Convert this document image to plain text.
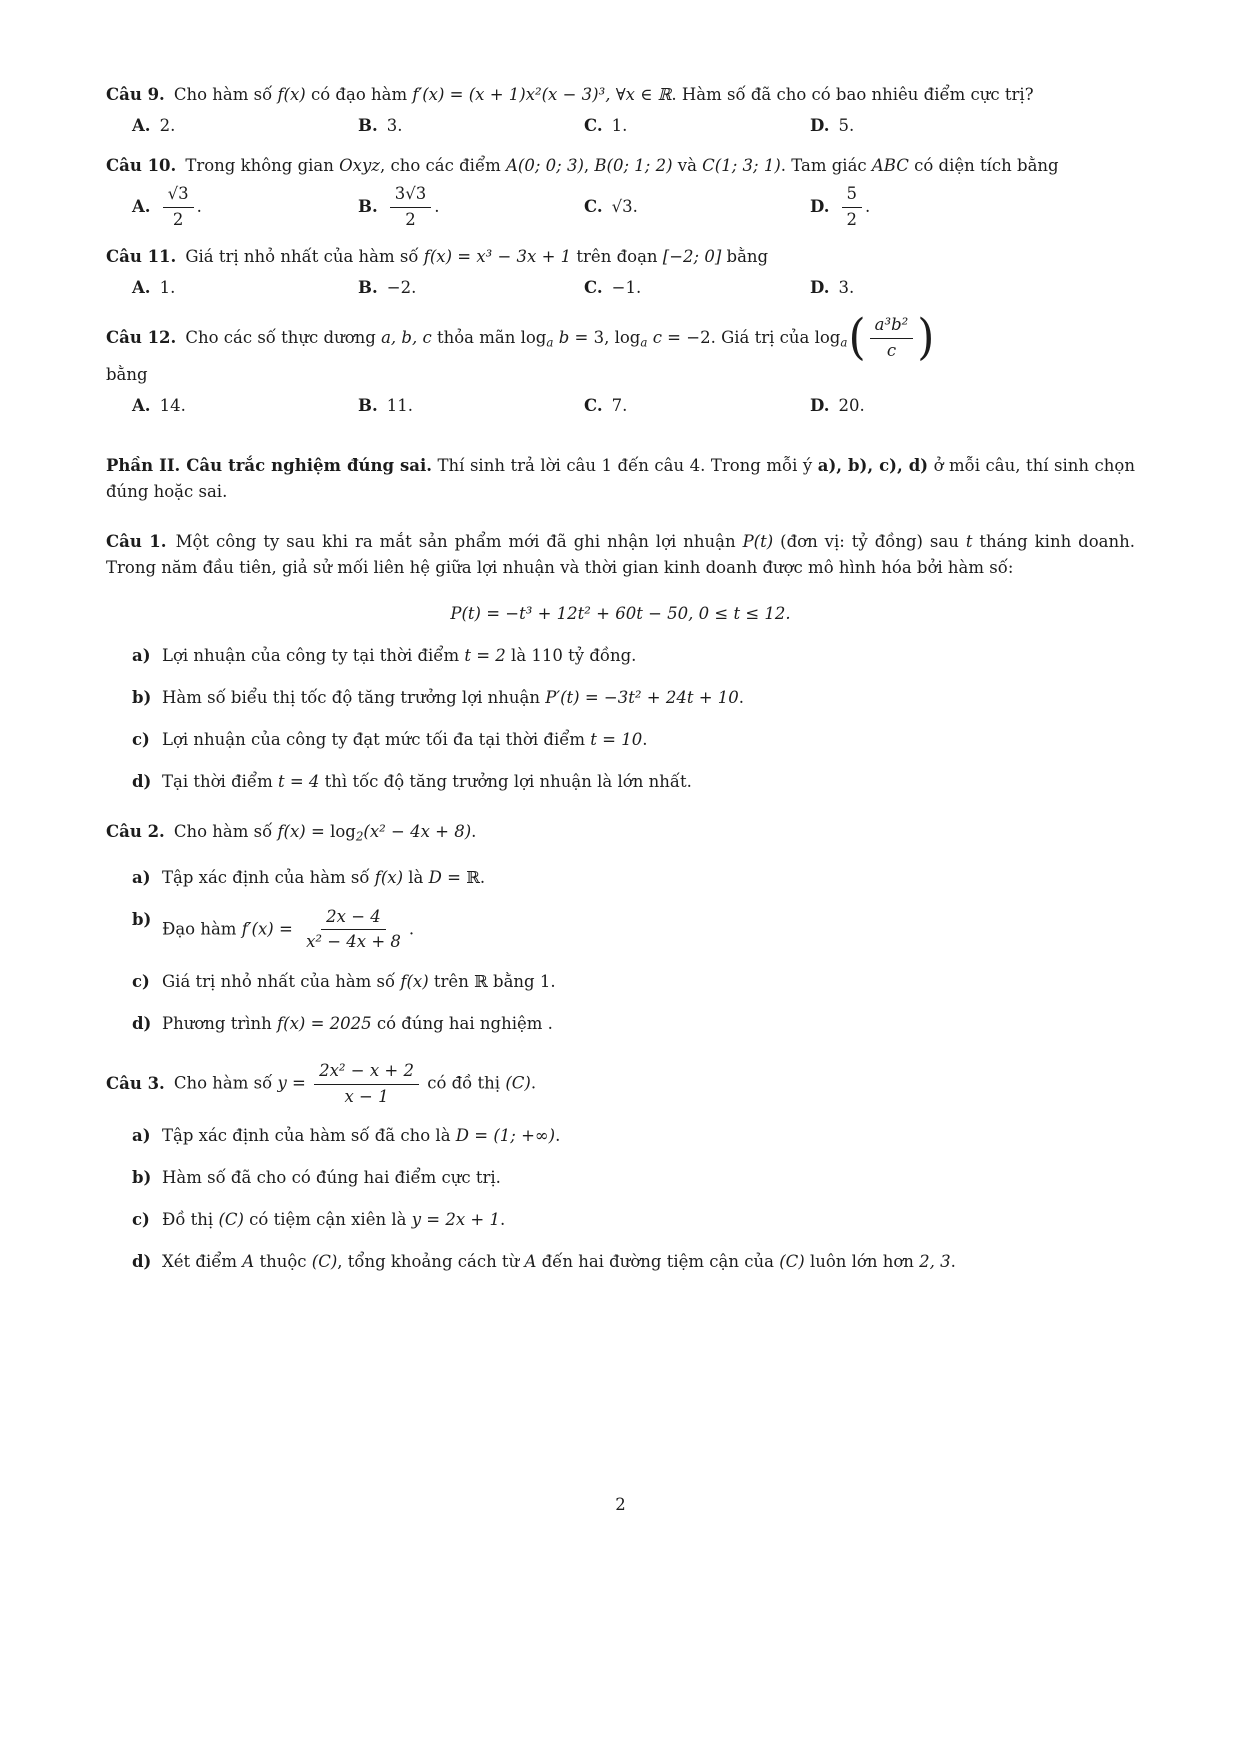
Câu 9. Cho hàm số f(x) có đạo hàm f′(x) = (x + 1)x²(x − 3)³, ∀x ∈ ℝ. Hàm số đã cho có bao nhiêu điểm cực trị?

A. 2.	B. 3.	C. 1.	D. 5.

Câu 10. Trong không gian Oxyz, cho các điểm A(0; 0; 3), B(0; 1; 2) và C(1; 3; 1). Tam giác ABC có diện tích bằng

A. $\frac{√3}{2}$ .	B. $\frac{3√3}{2}$ .	C. √3.	D. $\frac{5}{2}$ .

Câu 11. Giá trị nhỏ nhất của hàm số f(x) = x³ − 3x + 1 trên đoạn [−2; 0] bằng

A. 1.	B. −2.	C. −1.	D. 3.

Câu 12. Cho các số thực dương a, b, c thỏa mãn $\log_a b = 3$, $\log_a c = -2$. Giá trị của $\log_a( \frac{\text{a³b²}}{c}$ )

bằng

A. 14.	B. 11.	C. 7.	D. 20.

Phần II. Câu trắc nghiệm đúng sai. Thí sinh trả lời câu 1 đến câu 4. Trong mỗi ý a), b), c), d) ở mỗi câu, thí sinh chọn đúng hoặc sai.

Câu 1. Một công ty sau khi ra mắt sản phẩm mới đã ghi nhận lợi nhuận P(t) (đơn vị: tỷ đồng) sau t tháng kinh doanh. Trong năm đầu tiên, giả sử mối liên hệ giữa lợi nhuận và thời gian kinh doanh được mô hình hóa bởi hàm số:

P(t) = −t³ + 12t² + 60t − 50, 0 ≤ t ≤ 12.

a) Lợi nhuận của công ty tại thời điểm t = 2 là 110 tỷ đồng.
b) Hàm số biểu thị tốc độ tăng trưởng lợi nhuận P′(t) = −3t² + 24t + 10.
c) Lợi nhuận của công ty đạt mức tối đa tại thời điểm t = 10.
d) Tại thời điểm t = 4 thì tốc độ tăng trưởng lợi nhuận là lớn nhất.

Câu 2. Cho hàm số $f(x) = \log_2(x^2 - 4x + 8)$.

a) Tập xác định của hàm số f(x) là D = ℝ.
b)
Đạo hàm $f'(x) = \frac{2x - 4}{\text{x² − 4x + 8}}$ .
c) Giá trị nhỏ nhất của hàm số f(x) trên ℝ bằng 1.
d) Phương trình f(x) = 2025 có đúng hai nghiệm .

Câu 3. Cho hàm số $y = \frac{\text{2x² − x + 2}}{x - 1}$ có đồ thị (C).

a) Tập xác định của hàm số đã cho là D = (1; +∞).
b) Hàm số đã cho có đúng hai điểm cực trị.
c) Đồ thị (C) có tiệm cận xiên là y = 2x + 1.
d) Xét điểm A thuộc (C), tổng khoảng cách từ A đến hai đường tiệm cận của (C) luôn lớn hơn 2, 3.
2
